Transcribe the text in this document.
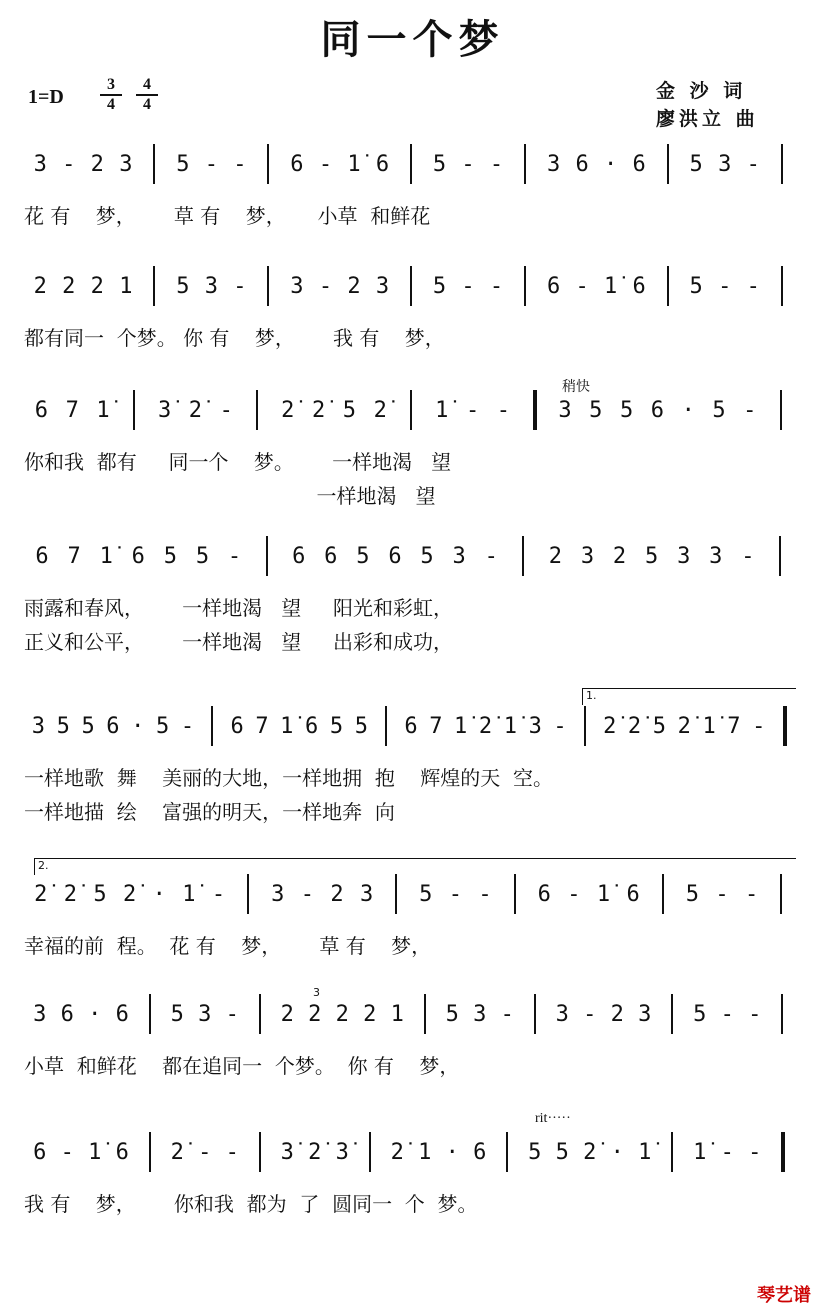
同一个梦
1=D
3
4
4
4
金 沙 词
廖洪立 曲
稍快
rit·····
1.
2.
3
琴艺谱
3 - 2 3 5 - - 6 - 1̇ 6 5 - - 3 6 · 6 5 3 -
花 有    梦，      草 有    梦，     小草  和鲜花
2 2 2 1 5 3 - 3 - 2 3 5 - - 6 - 1̇ 6 5 - -
都有同一  个梦。 你 有    梦，      我 有    梦，
6 7 1̇ 3̇ 2̇ - 2̇ 2̇ 5 2̇ 1̇ - - 3 5 5 6 · 5 -
你和我  都有     同一个    梦。      一样地渴   望
一样地渴   望
6 7 1̇ 6 5 5 - 6 6 5 6 5 3 - 2 3 2 5 3 3 -
雨露和春风，      一样地渴   望     阳光和彩虹，
正义和公平，      一样地渴   望     出彩和成功，
3 5 5 6 · 5 - 6 7 1̇ 6 5 5 6 7 1̇ 2̇ 1̇ 3 - 2̇ 2̇ 5 2̇ 1̇ 7 -
一样地歌  舞    美丽的大地，一样地拥  抱    辉煌的天  空。
一样地描  绘    富强的明天，一样地奔  向
2̇ 2̇ 5 2̇ · 1̇ - 3 - 2 3 5 - - 6 - 1̇ 6 5 - -
幸福的前  程。  花 有    梦，      草 有    梦，
3 6 · 6 5 3 - 2 2 2 2 1 5 3 - 3 - 2 3 5 - -
小草  和鲜花    都在追同一  个梦。  你 有    梦，
6 - 1̇ 6 2̇ - - 3̇ 2̇ 3̇ 2̇ 1 · 6 5 5 2̇ · 1̇ 1̇ - -
我 有    梦，      你和我  都为  了  圆同一  个  梦。
